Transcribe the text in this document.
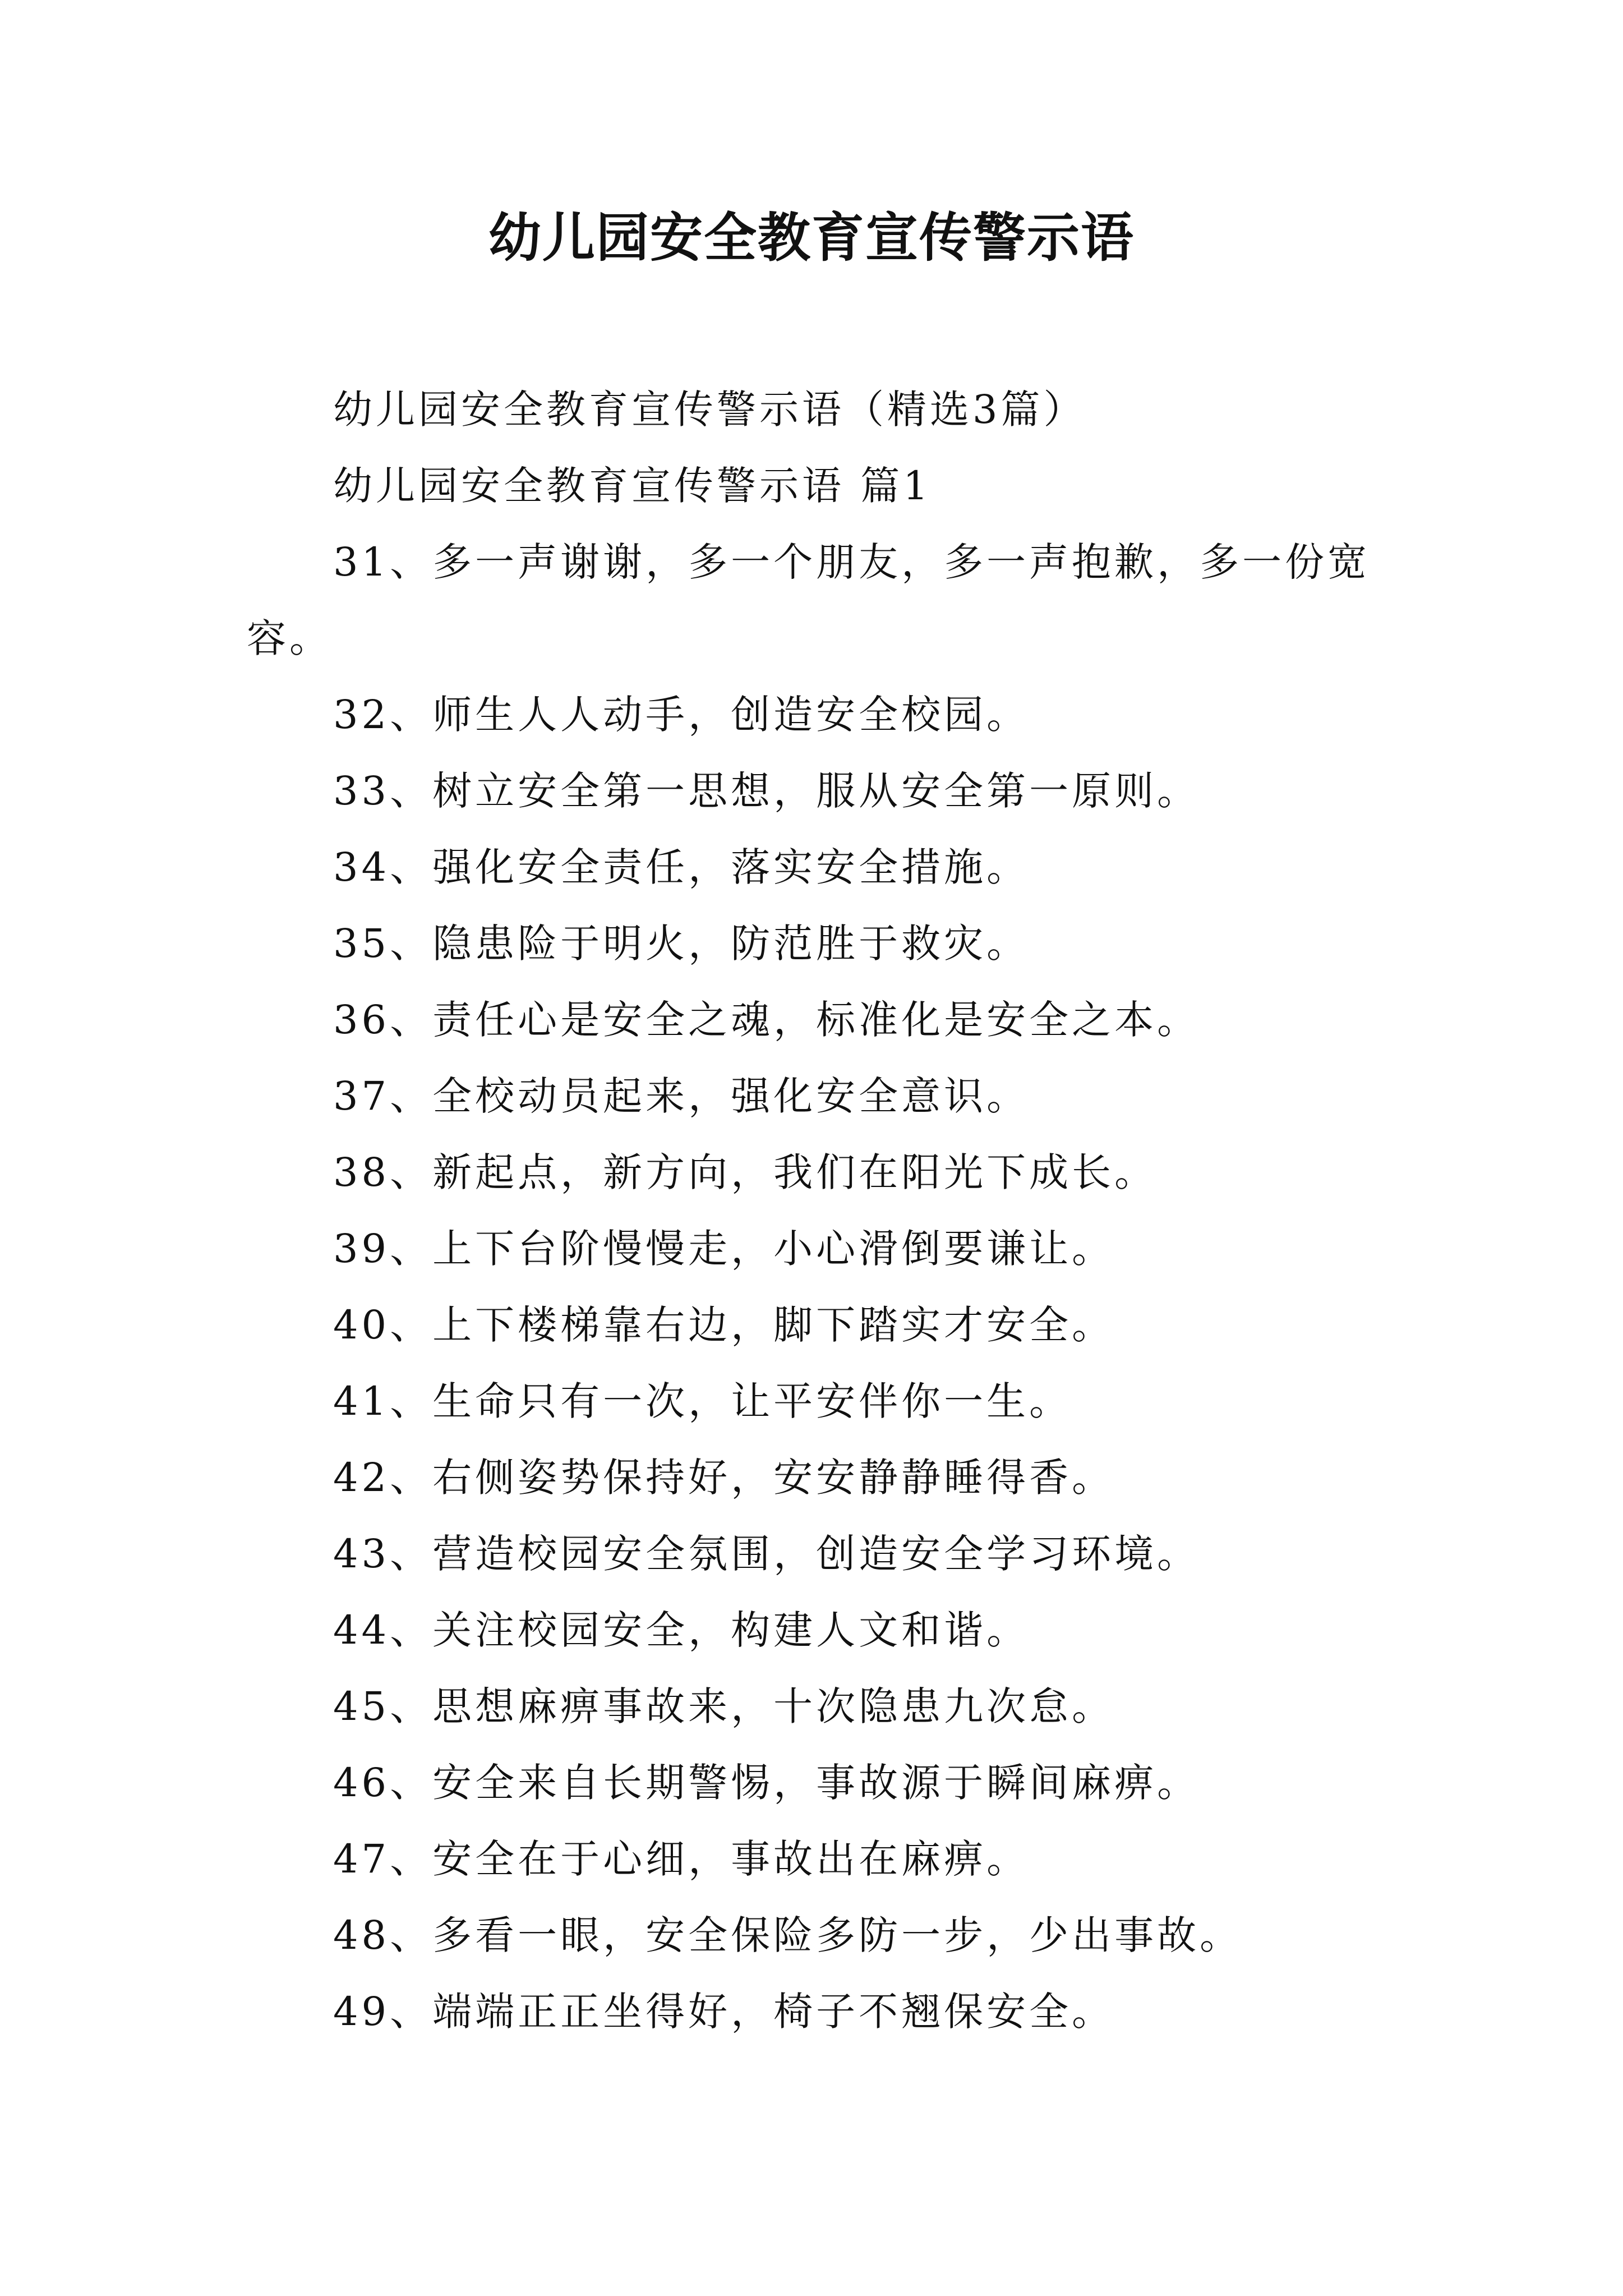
幼儿园安全教育宣传警示语

幼儿园安全教育宣传警示语（精选3篇）

幼儿园安全教育宣传警示语 篇1

31、多一声谢谢，多一个朋友，多一声抱歉，多一份宽容。
32、师生人人动手，创造安全校园。
33、树立安全第一思想，服从安全第一原则。
34、强化安全责任，落实安全措施。
35、隐患险于明火，防范胜于救灾。
36、责任心是安全之魂，标准化是安全之本。
37、全校动员起来，强化安全意识。
38、新起点，新方向，我们在阳光下成长。
39、上下台阶慢慢走，小心滑倒要谦让。
40、上下楼梯靠右边，脚下踏实才安全。
41、生命只有一次，让平安伴你一生。
42、右侧姿势保持好，安安静静睡得香。
43、营造校园安全氛围，创造安全学习环境。
44、关注校园安全，构建人文和谐。
45、思想麻痹事故来，十次隐患九次怠。
46、安全来自长期警惕，事故源于瞬间麻痹。
47、安全在于心细，事故出在麻痹。
48、多看一眼，安全保险多防一步，少出事故。
49、端端正正坐得好，椅子不翘保安全。
